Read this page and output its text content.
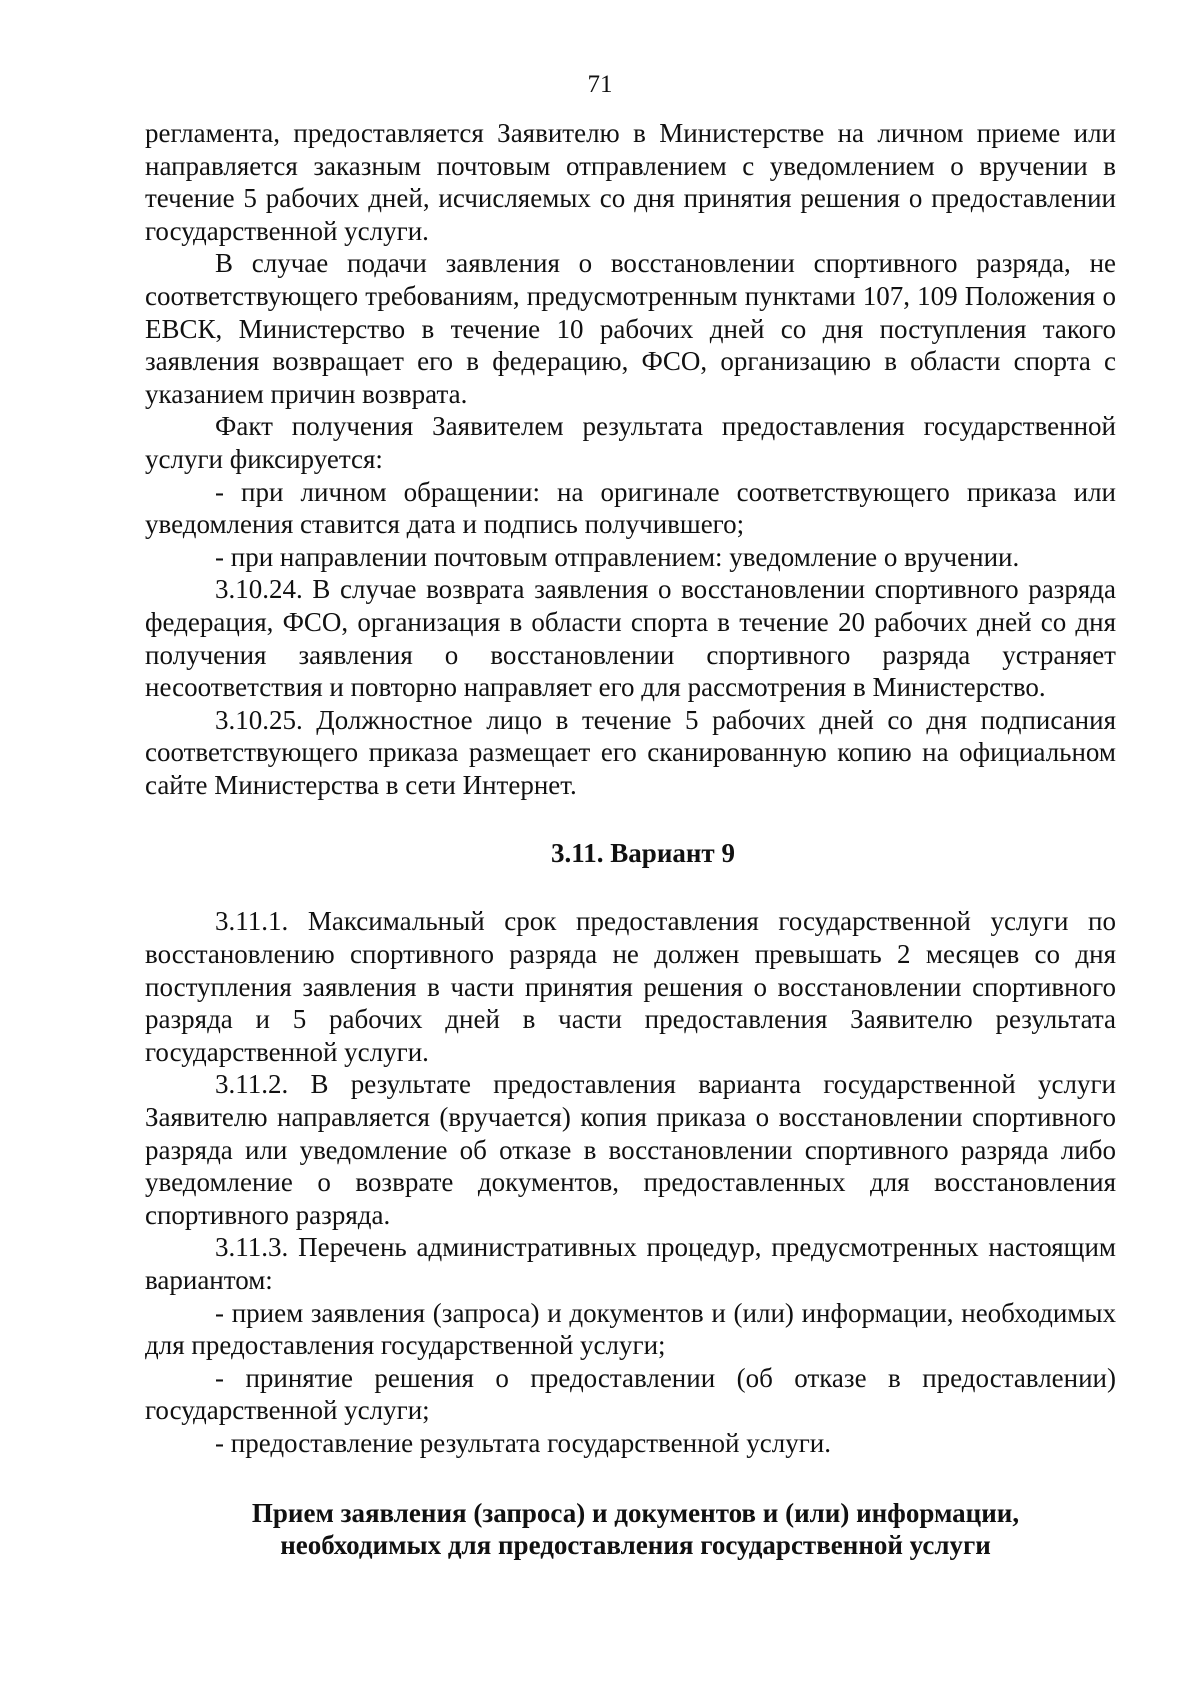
71

регламента, предоставляется Заявителю в Министерстве на личном приеме или направляется заказным почтовым отправлением с уведомлением о вручении в течение 5 рабочих дней, исчисляемых со дня принятия решения о предоставлении государственной услуги.

В случае подачи заявления о восстановлении спортивного разряда, не соответствующего требованиям, предусмотренным пунктами 107, 109 Положения о ЕВСК, Министерство в течение 10 рабочих дней со дня поступления такого заявления возвращает его в федерацию, ФСО, организацию в области спорта с указанием причин возврата.

Факт получения Заявителем результата предоставления государственной услуги фиксируется:

- при личном обращении: на оригинале соответствующего приказа или уведомления ставится дата и подпись получившего;

- при направлении почтовым отправлением: уведомление о вручении.

3.10.24. В случае возврата заявления о восстановлении спортивного разряда федерация, ФСО, организация в области спорта в течение 20 рабочих дней со дня получения заявления о восстановлении спортивного разряда устраняет несоответствия и повторно направляет его для рассмотрения в Министерство.

3.10.25. Должностное лицо в течение 5 рабочих дней со дня подписания соответствующего приказа размещает его сканированную копию на официальном сайте Министерства в сети Интернет.

3.11. Вариант 9

3.11.1. Максимальный срок предоставления государственной услуги по восстановлению спортивного разряда не должен превышать 2 месяцев со дня поступления заявления в части принятия решения о восстановлении спортивного разряда и 5 рабочих дней в части предоставления Заявителю результата государственной услуги.

3.11.2. В результате предоставления варианта государственной услуги Заявителю направляется (вручается) копия приказа о восстановлении спортивного разряда или уведомление об отказе в восстановлении спортивного разряда либо уведомление о возврате документов, предоставленных для восстановления спортивного разряда.

3.11.3. Перечень административных процедур, предусмотренных настоящим вариантом:

- прием заявления (запроса) и документов и (или) информации, необходимых для предоставления государственной услуги;

- принятие решения о предоставлении (об отказе в предоставлении) государственной услуги;

- предоставление результата государственной услуги.

Прием заявления (запроса) и документов и (или) информации,
необходимых для предоставления государственной услуги
